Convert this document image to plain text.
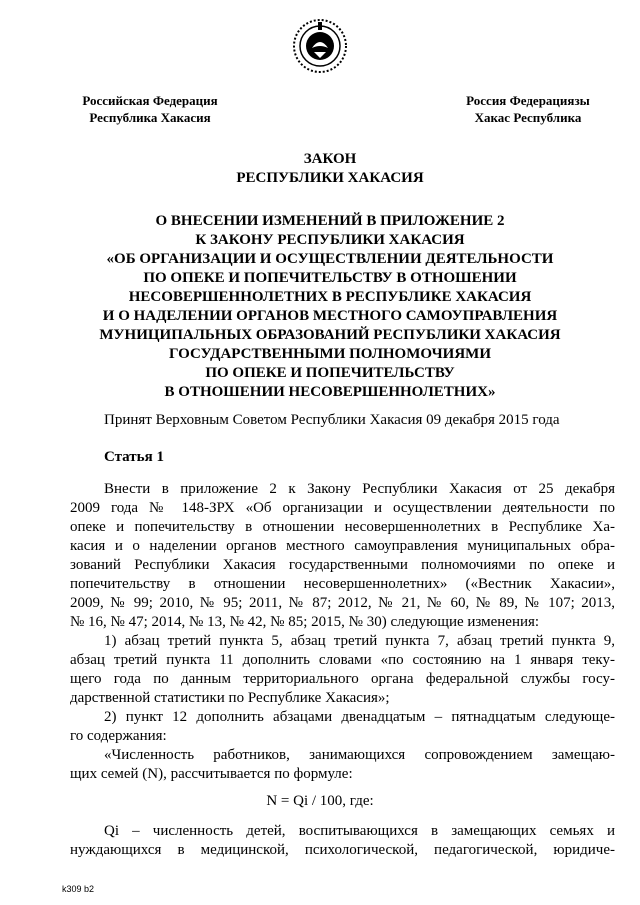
Российская Федерация
Республика Хакасия
Россия Федерациязы
Хакас Республика
ЗАКОН
РЕСПУБЛИКИ ХАКАСИЯ
О ВНЕСЕНИИ ИЗМЕНЕНИЙ В ПРИЛОЖЕНИЕ 2
К ЗАКОНУ РЕСПУБЛИКИ ХАКАСИЯ
«ОБ ОРГАНИЗАЦИИ И ОСУЩЕСТВЛЕНИИ ДЕЯТЕЛЬНОСТИ
ПО ОПЕКЕ И ПОПЕЧИТЕЛЬСТВУ В ОТНОШЕНИИ
НЕСОВЕРШЕННОЛЕТНИХ В РЕСПУБЛИКЕ ХАКАСИЯ
И О НАДЕЛЕНИИ ОРГАНОВ МЕСТНОГО САМОУПРАВЛЕНИЯ
МУНИЦИПАЛЬНЫХ ОБРАЗОВАНИЙ РЕСПУБЛИКИ ХАКАСИЯ
ГОСУДАРСТВЕННЫМИ ПОЛНОМОЧИЯМИ
ПО ОПЕКЕ И ПОПЕЧИТЕЛЬСТВУ
В ОТНОШЕНИИ НЕСОВЕРШЕННОЛЕТНИХ»
Принят Верховным Советом Республики Хакасия 09 декабря 2015 года
Статья 1
Внести в приложение 2 к Закону Республики Хакасия от 25 декабря
2009 года № 148-ЗРХ «Об организации и осуществлении деятельности по
опеке и попечительству в отношении несовершеннолетних в Республике Ха-
касия и о наделении органов местного самоуправления муниципальных обра-
зований Республики Хакасия государственными полномочиями по опеке и
попечительству в отношении несовершеннолетних» («Вестник Хакасии»,
2009, № 99; 2010, № 95; 2011, № 87; 2012, № 21, № 60, № 89, № 107; 2013,
№ 16, № 47; 2014, № 13, № 42, № 85; 2015, № 30) следующие изменения:
1) абзац третий пункта 5, абзац третий пункта 7, абзац третий пункта 9,
абзац третий пункта 11 дополнить словами «по состоянию на 1 января теку-
щего года по данным территориального органа федеральной службы госу-
дарственной статистики по Республике Хакасия»;
2) пункт 12 дополнить абзацами двенадцатым – пятнадцатым следующе-
го содержания:
«Численность работников, занимающихся сопровождением замещаю-
щих семей (N), рассчитывается по формуле:
N = Qi / 100, где:
Qi – численность детей, воспитывающихся в замещающих семьях и
нуждающихся в медицинской, психологической, педагогической, юридиче-
k309 b2
